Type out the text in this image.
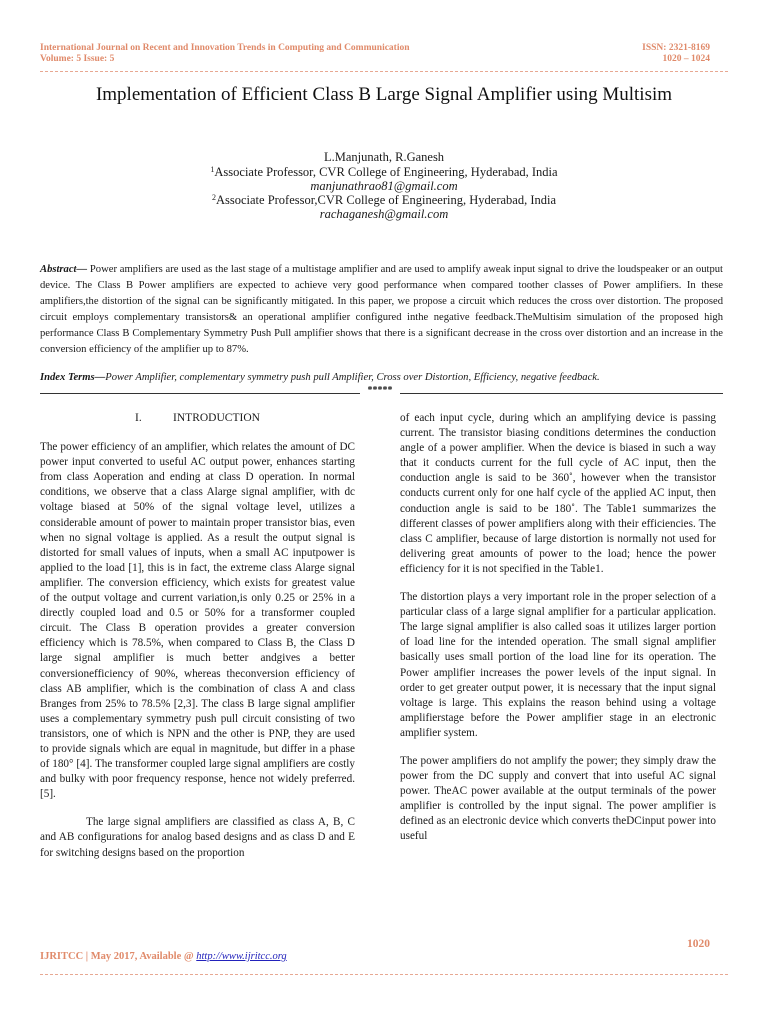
International Journal on Recent and Innovation Trends in Computing and Communication
Volume: 5 Issue: 5
ISSN: 2321-8169
1020 – 1024
Implementation of Efficient Class B Large Signal Amplifier using Multisim
L.Manjunath, R.Ganesh
$^1$Associate Professor, CVR College of Engineering, Hyderabad, India
manjunathrao81@gmail.com
$^2$Associate Professor,CVR College of Engineering, Hyderabad, India
rachaganesh@gmail.com
Abstract— Power amplifiers are used as the last stage of a multistage amplifier and are used to amplify aweak input signal to drive the loudspeaker or an output device. The Class B Power amplifiers are expected to achieve very good performance when compared toother classes of Power amplifiers. In these amplifiers,the distortion of the signal can be significantly mitigated. In this paper, we propose a circuit which reduces the cross over distortion. The proposed circuit employs complementary transistors& an operational amplifier configured inthe negative feedback.TheMultisim simulation of the proposed high performance Class B Complementary Symmetry Push Pull amplifier shows that there is a significant decrease in the cross over distortion and an increase in the conversion efficiency of the amplifier up to 87%.
Index Terms—Power Amplifier, complementary symmetry push pull Amplifier, Cross over Distortion, Efficiency, negative feedback.
*****
I.	INTRODUCTION

The power efficiency of an amplifier, which relates the amount of DC power input converted to useful AC output power, enhances starting from class Aoperation and ending at class D operation. In normal conditions, we observe that a class Alarge signal amplifier, with dc voltage biased at 50% of the signal voltage level, utilizes a considerable amount of power to maintain proper transistor bias, even when no signal voltage is applied. As a result the output signal is distorted for small values of inputs, when a small AC inputpower is applied to the load [1], this is in fact, the extreme class Alarge signal amplifier. The conversion efficiency, which exists for greatest value of the output voltage and current variation,is only 0.25 or 25% in a directly coupled load and 0.5 or 50% for a transformer coupled circuit. The Class B operation provides a greater conversion efficiency which is 78.5%, when compared to Class B, the Class D large signal amplifier is much better andgives a better conversionefficiency of 90%, whereas theconversion efficiency of class AB amplifier, which is the combination of class A and class Branges from 25% to 78.5% [2,3]. The class B large signal amplifier uses a complementary symmetry push pull circuit consisting of two transistors, one of which is NPN and the other is PNP, they are used to provide signals which are equal in magnitude, but differ in a phase of 180° [4]. The transformer coupled large signal amplifiers are costly and bulky with poor frequency response, hence not widely preferred. [5].

The large signal amplifiers are classified as class A, B, C and AB configurations for analog based designs and as class D and E for switching designs based on the proportion

of each input cycle, during which an amplifying device is passing current. The transistor biasing conditions determines the conduction angle of a power amplifier. When the device is biased in such a way that it conducts current for the full cycle of AC input, then the conduction angle is said to be 360˚, however when the transistor conducts current only for one half cycle of the applied AC input, then conduction angle is said to be 180˚. The Table1 summarizes the different classes of power amplifiers along with their efficiencies. The class C amplifier, because of large distortion is normally not used for delivering great amounts of power to the load; hence the power efficiency for it is not specified in the Table1.

The distortion plays a very important role in the proper selection of a particular class of a large signal amplifier for a particular application. The large signal amplifier is also called soas it utilizes larger portion of load line for the intended operation. The small signal amplifier basically uses small portion of the load line for its operation. The Power amplifier increases the power levels of the input signal. In order to get greater output power, it is necessary that the input signal voltage is large. This explains the reason behind using a voltage amplifierstage before the Power amplifier stage in an electronic amplifier system.

The power amplifiers do not amplify the power; they simply draw the power from the DC supply and convert that into useful AC signal power. TheAC power available at the output terminals of the power amplifier is controlled by the input signal. The power amplifier is defined as an electronic device which converts theDCinput power into useful

1020
IJRITCC | May 2017, Available @ http://www.ijritcc.org
